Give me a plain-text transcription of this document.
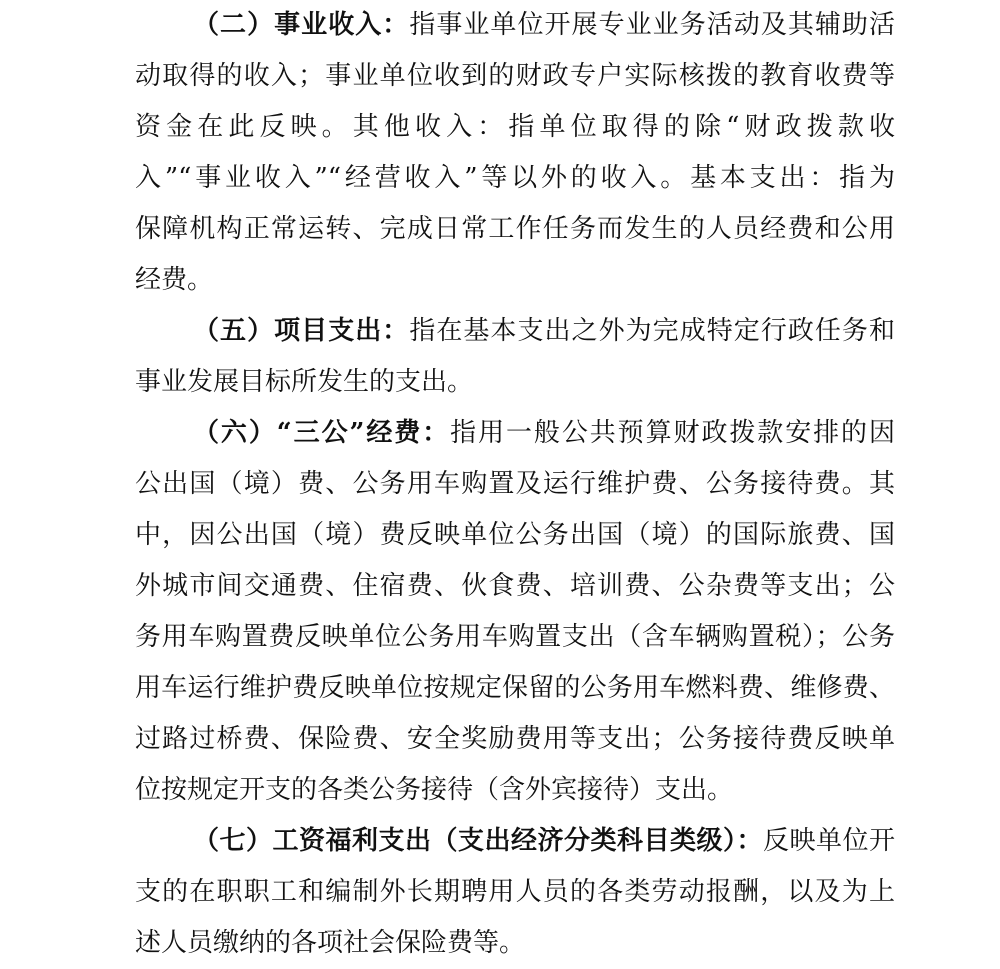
（二）事业收入：指事业单位开展专业业务活动及其辅助活
动取得的收入；事业单位收到的财政专户实际核拨的教育收费等
资金在此反映。其他收入：指单位取得的除“财政拨款收
入”“事业收入”“经营收入”等以外的收入。基本支出：指为
保障机构正常运转、完成日常工作任务而发生的人员经费和公用
经费。
（五）项目支出：指在基本支出之外为完成特定行政任务和
事业发展目标所发生的支出。
（六）“三公”经费：指用一般公共预算财政拨款安排的因
公出国（境）费、公务用车购置及运行维护费、公务接待费。其
中，因公出国（境）费反映单位公务出国（境）的国际旅费、国
外城市间交通费、住宿费、伙食费、培训费、公杂费等支出；公
务用车购置费反映单位公务用车购置支出（含车辆购置税）；公务
用车运行维护费反映单位按规定保留的公务用车燃料费、维修费、
过路过桥费、保险费、安全奖励费用等支出；公务接待费反映单
位按规定开支的各类公务接待（含外宾接待）支出。
（七）工资福利支出（支出经济分类科目类级）：反映单位开
支的在职职工和编制外长期聘用人员的各类劳动报酬，以及为上
述人员缴纳的各项社会保险费等。
